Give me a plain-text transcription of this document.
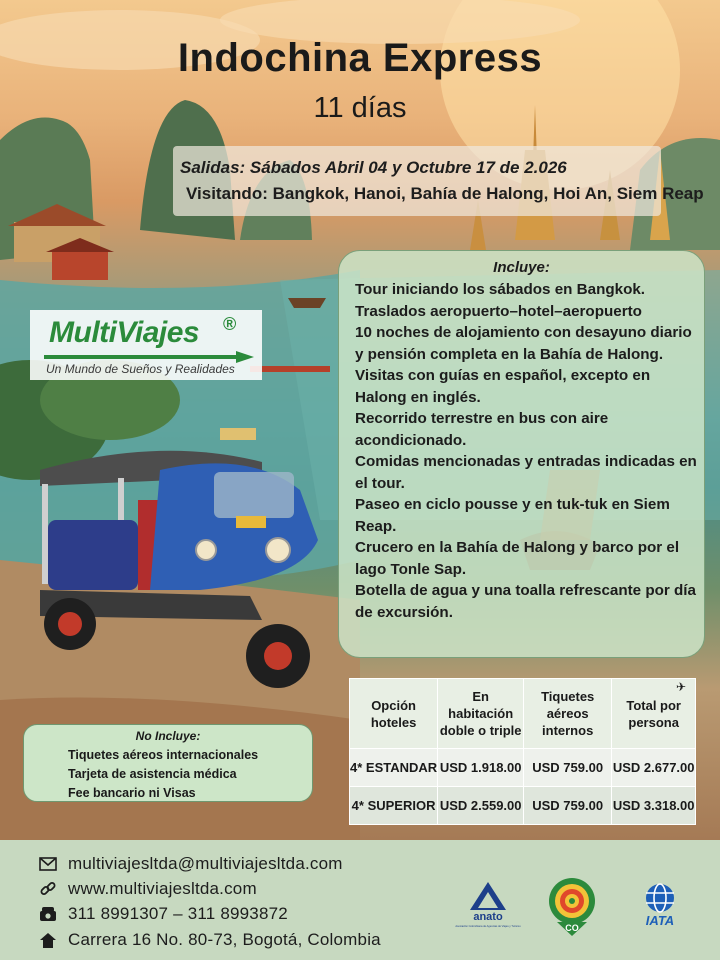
Indochina Express
11 días
Salidas: Sábados Abril 04 y Octubre 17 de 2.026
Visitando: Bangkok, Hanoi, Bahía de Halong, Hoi An, Siem Reap
MultiViajes ®
Un Mundo de Sueños y Realidades
Incluye:
Tour iniciando los sábados en Bangkok.
Traslados aeropuerto–hotel–aeropuerto
10 noches de alojamiento con desayuno diario y pensión completa en la Bahía de Halong.
Visitas con guías en español, excepto en Halong en inglés.
Recorrido terrestre en bus con aire acondicionado.
Comidas mencionadas y entradas indicadas en el tour.
Paseo en ciclo pousse y en tuk-tuk en Siem Reap.
Crucero en la Bahía de Halong y barco por el lago Tonle Sap.
Botella de agua y una toalla refrescante por día de excursión.
No Incluye:
Tiquetes aéreos internacionales
Tarjeta de asistencia médica
Fee bancario ni Visas
Opción hoteles	En habitación doble o triple	Tiquetes aéreos internos	Total por persona
4* ESTANDAR	USD 1.918.00	USD 759.00	USD 2.677.00
4* SUPERIOR	USD 2.559.00	USD 759.00	USD 3.318.00
✈
multiviajesltda@multiviajesltda.com
www.multiviajesltda.com
311 8991307 – 311 8993872
Carrera 16 No. 80-73, Bogotá, Colombia
anato
Asociación Colombiana de Agencias de Viajes y Turismo	CO	IATA
